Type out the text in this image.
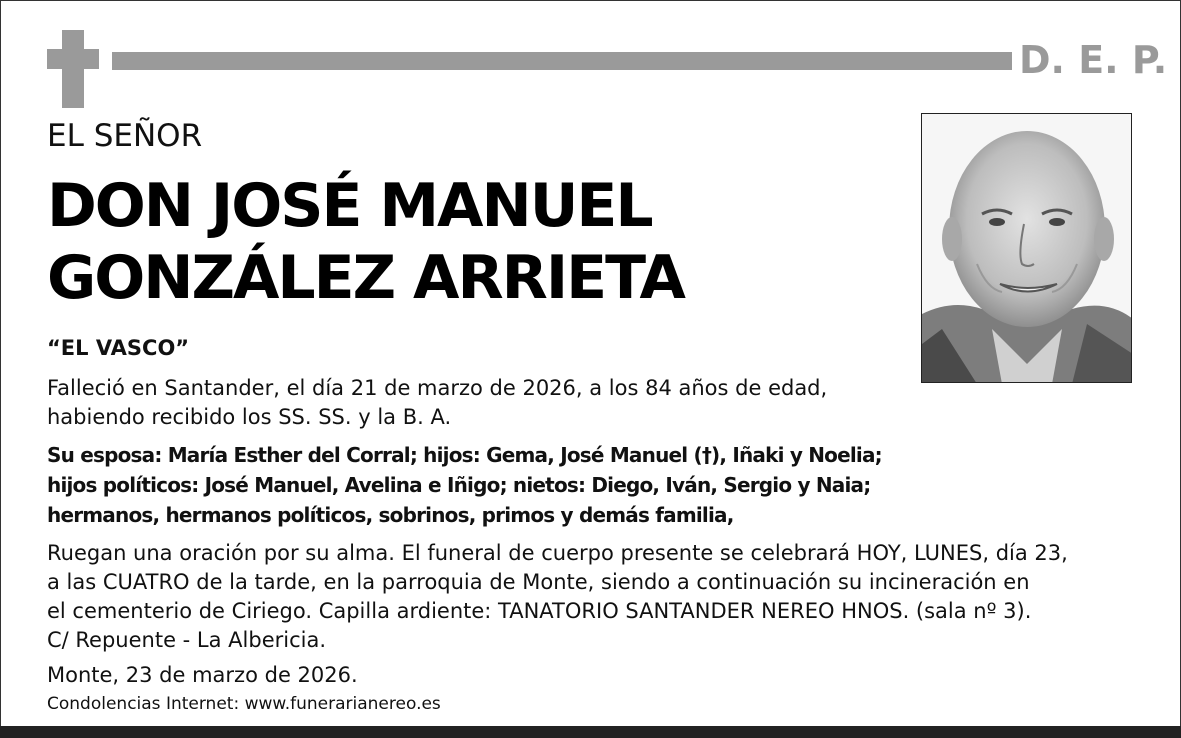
D. E. P.
EL SEÑOR
DON JOSÉ MANUEL
GONZÁLEZ ARRIETA
“EL VASCO”
Falleció en Santander, el día 21 de marzo de 2026, a los 84 años de edad,
habiendo recibido los SS. SS. y la B. A.
Su esposa: María Esther del Corral; hijos: Gema, José Manuel (†), Iñaki y Noelia;
hijos políticos: José Manuel, Avelina e Iñigo; nietos: Diego, Iván, Sergio y Naia;
hermanos, hermanos políticos, sobrinos, primos y demás familia,
Ruegan una oración por su alma. El funeral de cuerpo presente se celebrará HOY, LUNES, día 23,
a las CUATRO de la tarde, en la parroquia de Monte, siendo a continuación su incineración en
el cementerio de Ciriego. Capilla ardiente: TANATORIO SANTANDER NEREO HNOS. (sala nº 3).
C/ Repuente - La Albericia.
Monte, 23 de marzo de 2026.
Condolencias Internet: www.funerarianereo.es
